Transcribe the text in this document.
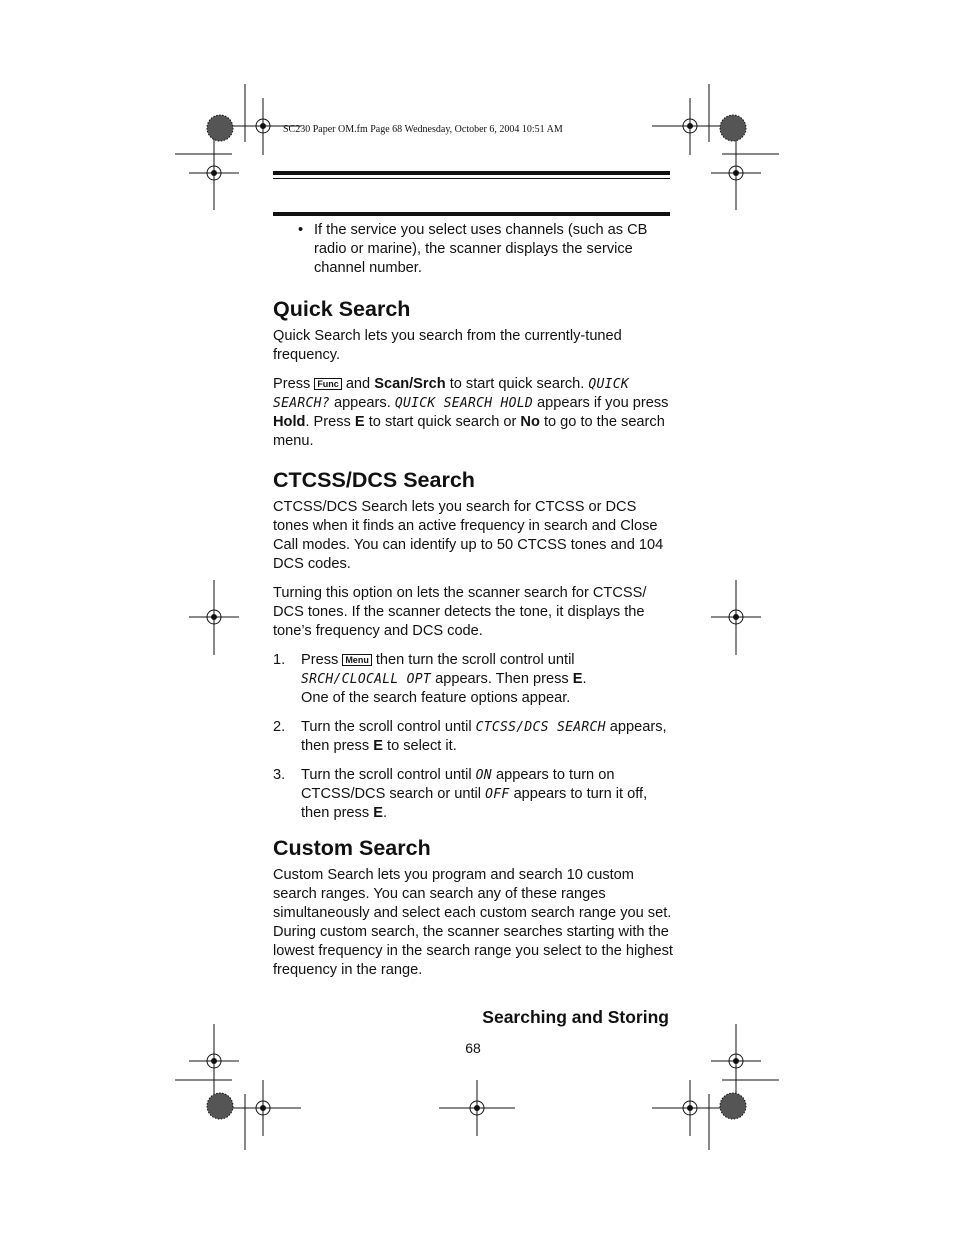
SC230 Paper OM.fm Page 68 Wednesday, October 6, 2004 10:51 AM
• If the service you select uses channels (such as CB radio or marine), the scanner displays the service channel number.
Quick Search

Quick Search lets you search from the currently-tuned frequency.

Press Func and Scan/Srch to start quick search. QUICK SEARCH? appears. QUICK SEARCH HOLD appears if you press Hold. Press E to start quick search or No to go to the search menu.

CTCSS/DCS Search

CTCSS/DCS Search lets you search for CTCSS or DCS tones when it finds an active frequency in search and Close Call modes. You can identify up to 50 CTCSS tones and 104 DCS codes.

Turning this option on lets the scanner search for CTCSS/ DCS tones. If the scanner detects the tone, it displays the tone’s frequency and DCS code.

1. Press Menu then turn the scroll control until SRCH/CLOCALL OPT appears. Then press E.
One of the search feature options appear.
2. Turn the scroll control until CTCSS/DCS SEARCH appears, then press E to select it.
3. Turn the scroll control until ON appears to turn on CTCSS/DCS search or until OFF appears to turn it off, then press E.
Custom Search

Custom Search lets you program and search 10 custom search ranges. You can search any of these ranges simultaneously and select each custom search range you set. During custom search, the scanner searches starting with the lowest frequency in the search range you select to the highest frequency in the range.

Searching and Storing
68
